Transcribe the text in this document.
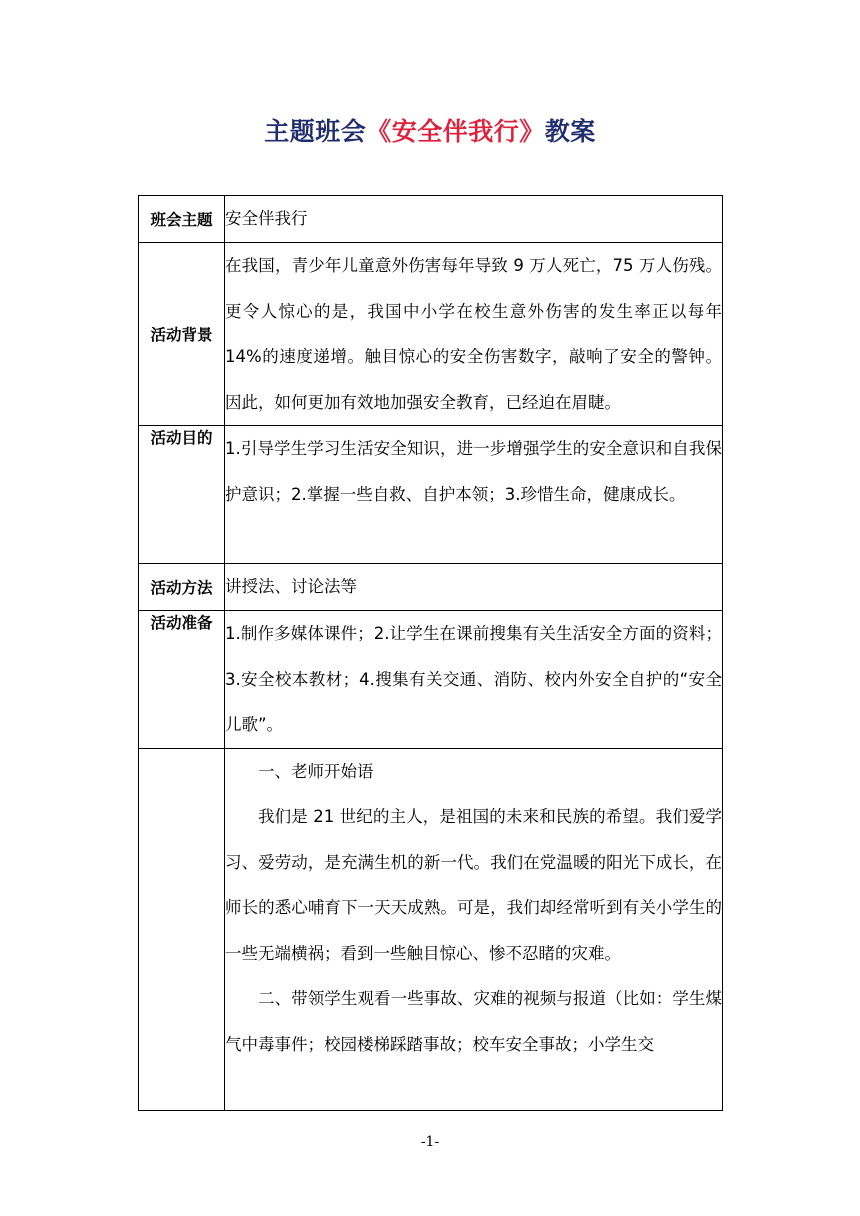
主题班会《安全伴我行》教案
班会主题	安全伴我行
活动背景	在我国，青少年儿童意外伤害每年导致 9 万人死亡，75 万人伤残。更令人惊心的是，我国中小学在校生意外伤害的发生率正以每年 14%的速度递增。触目惊心的安全伤害数字，敲响了安全的警钟。因此，如何更加有效地加强安全教育，已经迫在眉睫。
活动目的	1.引导学生学习生活安全知识，进一步增强学生的安全意识和自我保护意识；2.掌握一些自救、自护本领；3.珍惜生命，健康成长。
活动方法	讲授法、讨论法等
活动准备	1.制作多媒体课件；2.让学生在课前搜集有关生活安全方面的资料；3.安全校本教材；4.搜集有关交通、消防、校内外安全自护的“安全儿歌”。

	一、老师开始语

我们是 21 世纪的主人，是祖国的未来和民族的希望。我们爱学习、爱劳动，是充满生机的新一代。我们在党温暖的阳光下成长，在师长的悉心哺育下一天天成熟。可是，我们却经常听到有关小学生的一些无端横祸；看到一些触目惊心、惨不忍睹的灾难。

二、带领学生观看一些事故、灾难的视频与报道（比如：学生煤气中毒事件；校园楼梯踩踏事故；校车安全事故；小学生交

-1-
